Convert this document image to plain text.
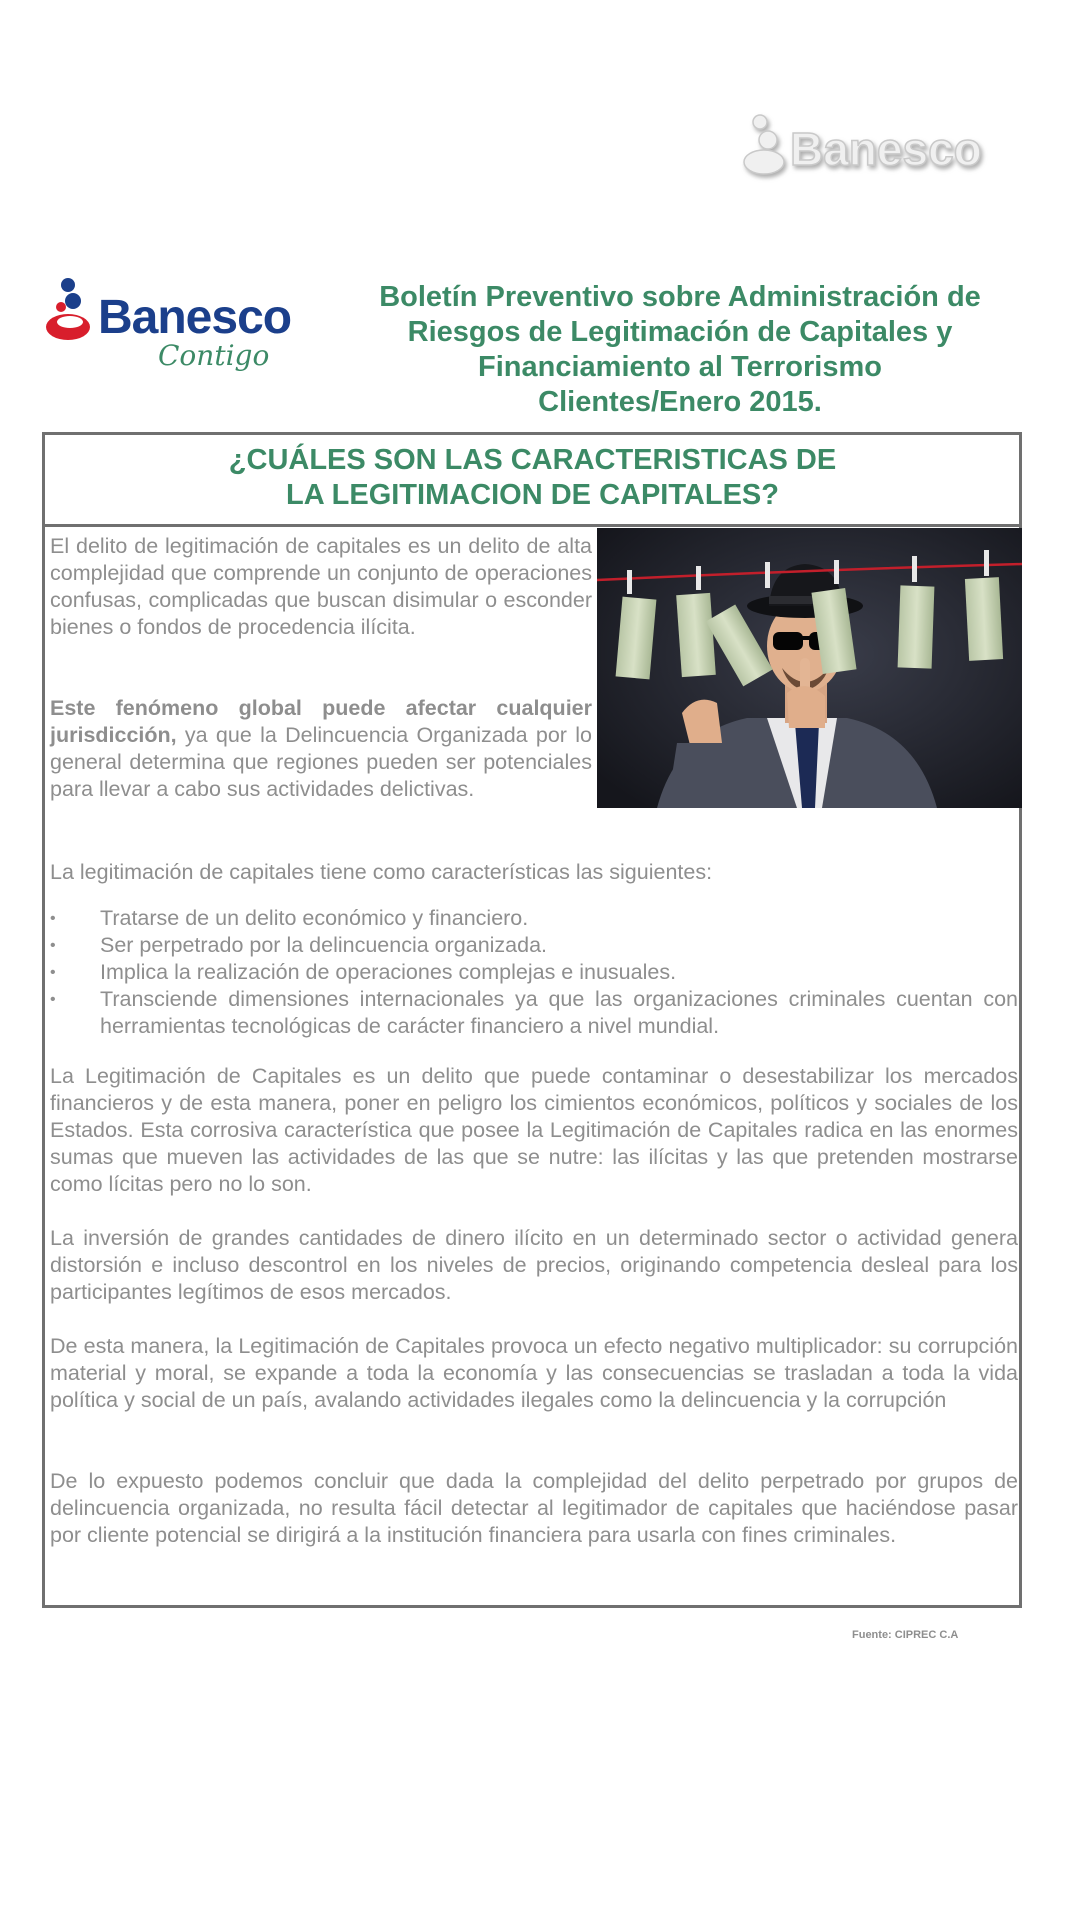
Banesco
Banesco
Contigo
Boletín Preventivo sobre Administración de
Riesgos de Legitimación de Capitales y
Financiamiento al Terrorismo
Clientes/Enero 2015.
¿CUÁLES SON LAS CARACTERISTICAS DE
LA LEGITIMACION DE CAPITALES?

El delito de legitimación de capitales es un delito de alta complejidad que comprende un conjunto de operaciones confusas, complicadas que buscan disimular o esconder bienes o fondos de procedencia ilícita.

Este fenómeno global puede afectar cualquier jurisdicción, ya que la Delincuencia Organizada por lo general determina que regiones pueden ser potenciales para llevar a cabo sus actividades delictivas.

La legitimación de capitales tiene como características las siguientes:

• Tratarse de un delito económico y financiero.
• Ser perpetrado por la delincuencia organizada.
• Implica la realización de operaciones complejas e inusuales.
• Transciende dimensiones internacionales ya que las organizaciones criminales cuentan con herramientas tecnológicas de carácter financiero a nivel mundial.

La Legitimación de Capitales es un delito que puede contaminar o desestabilizar los mercados financieros y de esta manera, poner en peligro los cimientos económicos, políticos y sociales de los Estados. Esta corrosiva característica que posee la Legitimación de Capitales radica en las enormes sumas que mueven las actividades de las que se nutre: las ilícitas y las que pretenden mostrarse como lícitas pero no lo son.

La inversión de grandes cantidades de dinero ilícito en un determinado sector o actividad genera distorsión e incluso descontrol en los niveles de precios, originando competencia desleal para los participantes legítimos de esos mercados.

De esta manera, la Legitimación de Capitales provoca un efecto negativo multiplicador: su corrupción material y moral, se expande a toda la economía y las consecuencias se trasladan a toda la vida política y social de un país, avalando actividades ilegales como la delincuencia y la corrupción

De lo expuesto podemos concluir que dada la complejidad del delito perpetrado por grupos de delincuencia organizada, no resulta fácil detectar al legitimador de capitales que haciéndose pasar por cliente potencial se dirigirá a la institución financiera para usarla con fines criminales.

Fuente: CIPREC C.A
